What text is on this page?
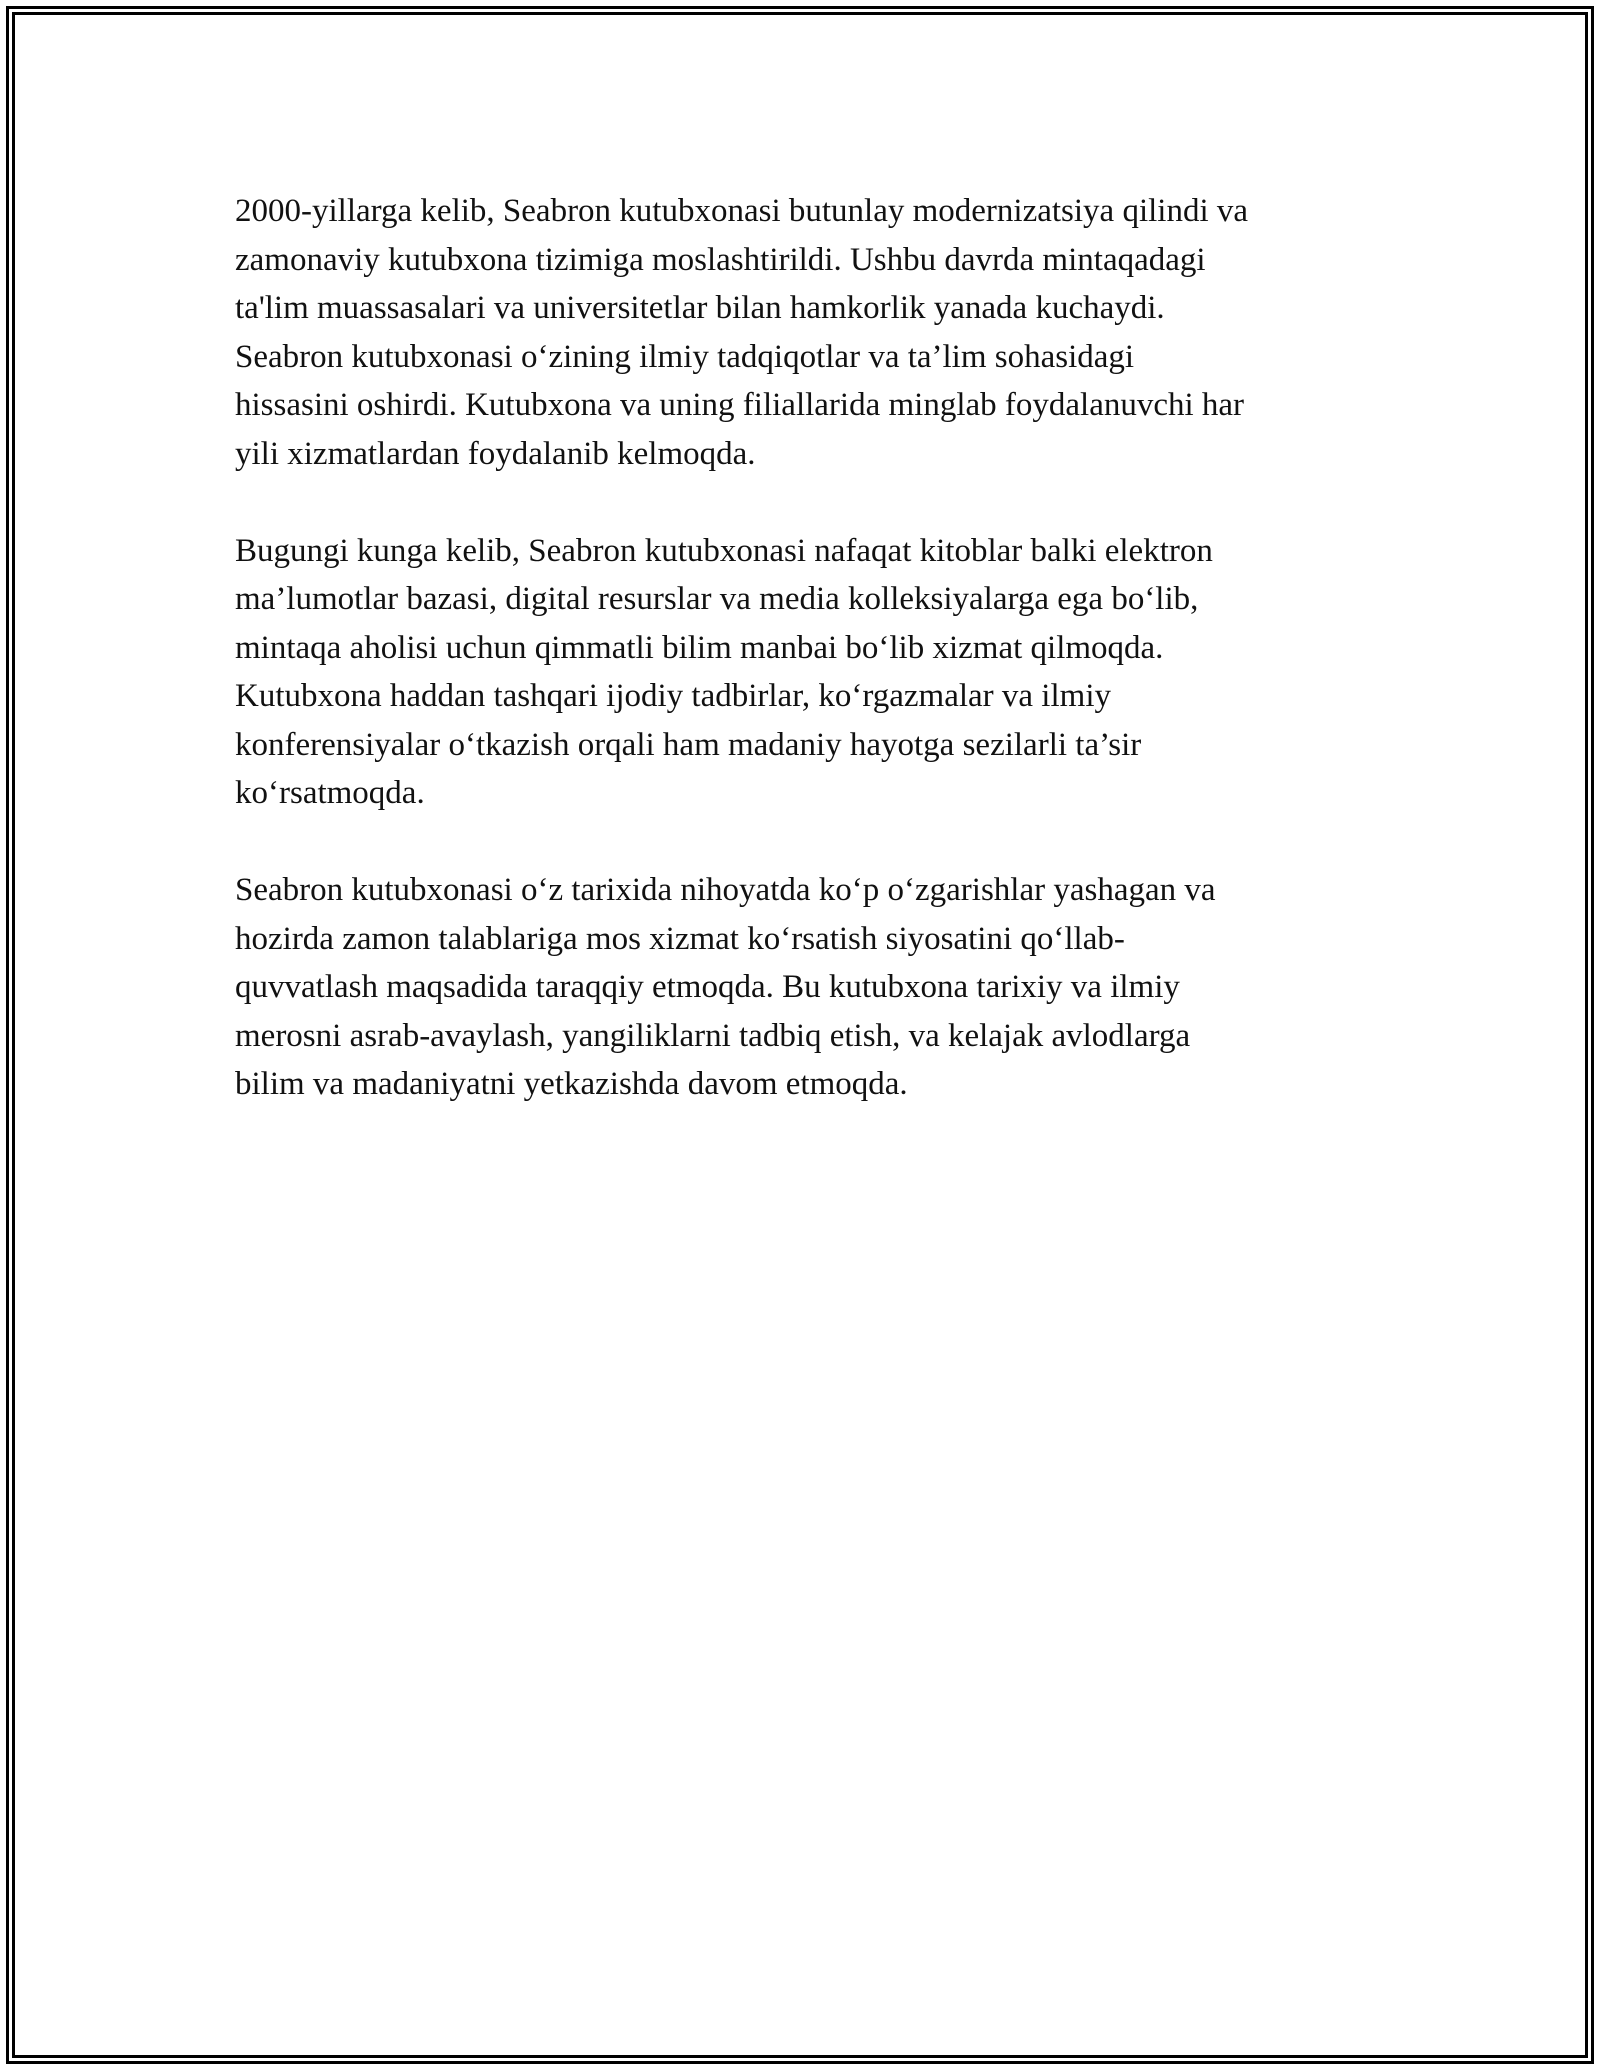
2000-yillarga kelib, Seabron kutubxonasi butunlay modernizatsiya qilindi va
zamonaviy kutubxona tizimiga moslashtirildi. Ushbu davrda mintaqadagi
ta'lim muassasalari va universitetlar bilan hamkorlik yanada kuchaydi.
Seabron kutubxonasi o‘zining ilmiy tadqiqotlar va ta’lim sohasidagi
hissasini oshirdi. Kutubxona va uning filiallarida minglab foydalanuvchi har
yili xizmatlardan foydalanib kelmoqda.

Bugungi kunga kelib, Seabron kutubxonasi nafaqat kitoblar balki elektron
ma’lumotlar bazasi, digital resurslar va media kolleksiyalarga ega bo‘lib,
mintaqa aholisi uchun qimmatli bilim manbai bo‘lib xizmat qilmoqda.
Kutubxona haddan tashqari ijodiy tadbirlar, ko‘rgazmalar va ilmiy
konferensiyalar o‘tkazish orqali ham madaniy hayotga sezilarli ta’sir
ko‘rsatmoqda.

Seabron kutubxonasi o‘z tarixida nihoyatda ko‘p o‘zgarishlar yashagan va
hozirda zamon talablariga mos xizmat ko‘rsatish siyosatini qo‘llab-
quvvatlash maqsadida taraqqiy etmoqda. Bu kutubxona tarixiy va ilmiy
merosni asrab-avaylash, yangiliklarni tadbiq etish, va kelajak avlodlarga
bilim va madaniyatni yetkazishda davom etmoqda.
